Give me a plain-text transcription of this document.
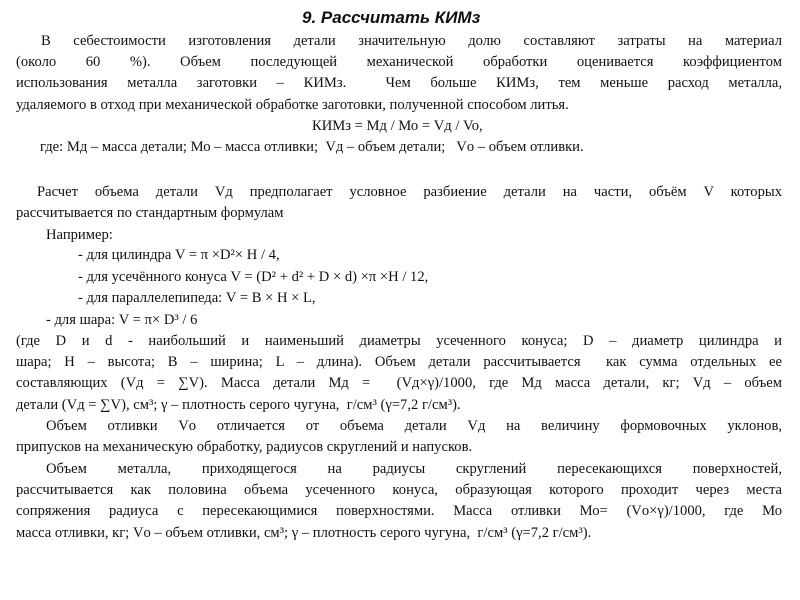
9. Рассчитать КИМз
В себестоимости изготовления детали значительную долю составляют затраты на материал
(около 60 %). Объем последующей механической обработки оценивается коэффициентом
использования металла заготовки – КИМз.  Чем больше КИМз, тем меньше расход металла,
удаляемого в отход при механической обработке заготовки, полученной способом литья.
КИМз = Мд / Мо = Vд / Vo,
где: Мд – масса детали; Мо – масса отливки;  Vд – объем детали;   Vо – объем отливки.
Расчет объема детали Vд предполагает условное разбиение детали на части, объём V которых
рассчитывается по стандартным формулам
Например:
- для цилиндра V = π ×D²× H / 4,
- для усечённого конуса V = (D² + d² + D × d) ×π ×H / 12,
- для параллелепипеда: V = B × H × L,
- для шара: V = π× D³ / 6
(где D и d - наибольший и наименьший диаметры усеченного конуса; D – диаметр цилиндра и
шара; H – высота; B – ширина; L – длина). Объем детали рассчитывается  как сумма отдельных ее
составляющих (Vд = ∑V). Масса детали Мд =  (Vд×γ)/1000, где Мд масса детали, кг; Vд – объем
детали (Vд = ∑V), см³; γ – плотность серого чугуна,  г/см³ (γ=7,2 г/см³).
Объем отливки Vо отличается от объема детали Vд на величину формовочных уклонов,
припусков на механическую обработку, радиусов скруглений и напусков.
Объем металла, приходящегося на радиусы скруглений пересекающихся поверхностей,
рассчитывается как половина объема усеченного конуса, образующая которого проходит через места
сопряжения радиуса с пересекающимися поверхностями. Масса отливки Мо= (Vо×γ)/1000, где Мо
масса отливки, кг; Vо – объем отливки, см³; γ – плотность серого чугуна,  г/см³ (γ=7,2 г/см³).
